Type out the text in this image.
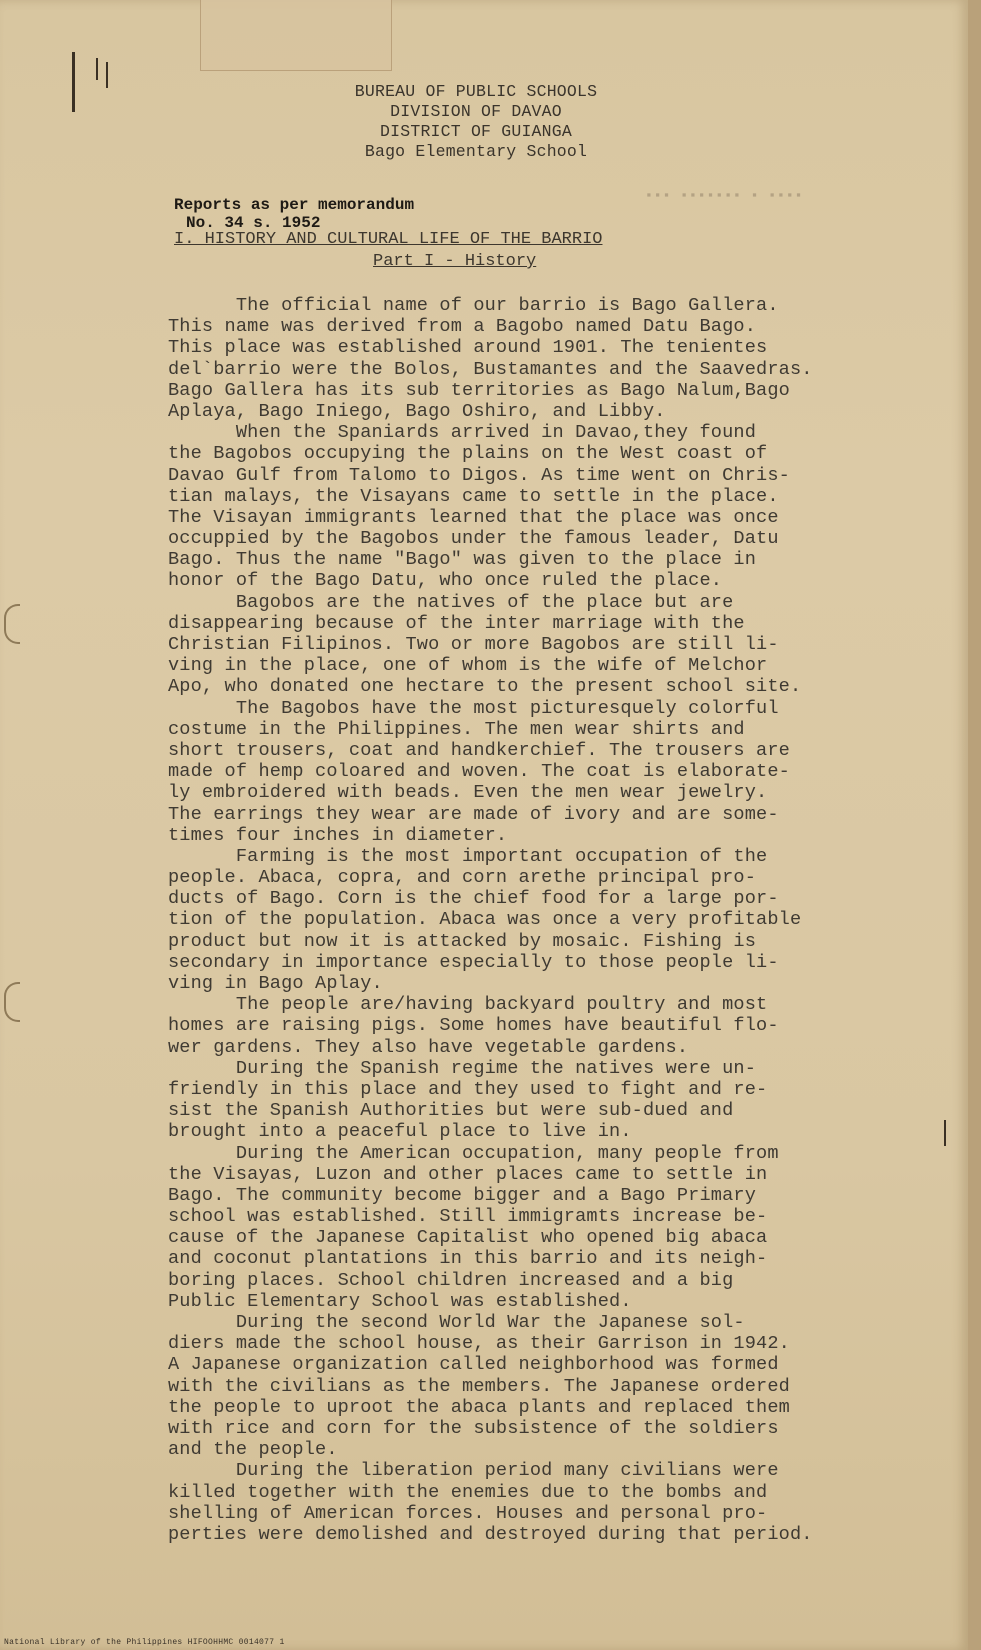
BUREAU OF PUBLIC SCHOOLS
DIVISION OF DAVAO
DISTRICT OF GUIANGA
Bago Elementary School
Reports as per memorandum
No. 34 s. 1952
▪▪▪ ▪▪▪▪▪▪▪ ▪ ▪▪▪▪
I. HISTORY AND CULTURAL LIFE OF THE BARRIO
Part I - History
The official name of our barrio is Bago Gallera.
This name was derived from a Bagobo named Datu Bago.
This place was established around 1901. The tenientes
del`barrio were the Bolos, Bustamantes and the Saavedras.
Bago Gallera has its sub territories as Bago Nalum,Bago
Aplaya, Bago Iniego, Bago Oshiro, and Libby.
When the Spaniards arrived in Davao,they found
the Bagobos occupying the plains on the West coast of
Davao Gulf from Talomo to Digos. As time went on Chris-
tian malays, the Visayans came to settle in the place.
The Visayan immigrants learned that the place was once
occuppied by the Bagobos under the famous leader, Datu
Bago. Thus the name "Bago" was given to the place in
honor of the Bago Datu, who once ruled the place.
Bagobos are the natives of the place but are
disappearing because of the inter marriage with the
Christian Filipinos. Two or more Bagobos are still li-
ving in the place, one of whom is the wife of Melchor
Apo, who donated one hectare to the present school site.
The Bagobos have the most picturesquely colorful
costume in the Philippines. The men wear shirts and
short trousers, coat and handkerchief. The trousers are
made of hemp coloared and woven. The coat is elaborate-
ly embroidered with beads. Even the men wear jewelry.
The earrings they wear are made of ivory and are some-
times four inches in diameter.
Farming is the most important occupation of the
people. Abaca, copra, and corn arethe principal pro-
ducts of Bago. Corn is the chief food for a large por-
tion of the population. Abaca was once a very profitable
product but now it is attacked by mosaic. Fishing is
secondary in importance especially to those people li-
ving in Bago Aplay.
The people are/having backyard poultry and most
homes are raising pigs. Some homes have beautiful flo-
wer gardens. They also have vegetable gardens.
During the Spanish regime the natives were un-
friendly in this place and they used to fight and re-
sist the Spanish Authorities but were sub-dued and
brought into a peaceful place to live in.
During the American occupation, many people from
the Visayas, Luzon and other places came to settle in
Bago. The community become bigger and a Bago Primary
school was established. Still immigramts increase be-
cause of the Japanese Capitalist who opened big abaca
and coconut plantations in this barrio and its neigh-
boring places. School children increased and a big
Public Elementary School was established.
During the second World War the Japanese sol-
diers made the school house, as their Garrison in 1942.
A Japanese organization called neighborhood was formed
with the civilians as the members. The Japanese ordered
the people to uproot the abaca plants and replaced them
with rice and corn for the subsistence of the soldiers
and the people.
During the liberation period many civilians were
killed together with the enemies due to the bombs and
shelling of American forces. Houses and personal pro-
perties were demolished and destroyed during that period.
National Library of the Philippines HIFOOHHMC 0014077 1
